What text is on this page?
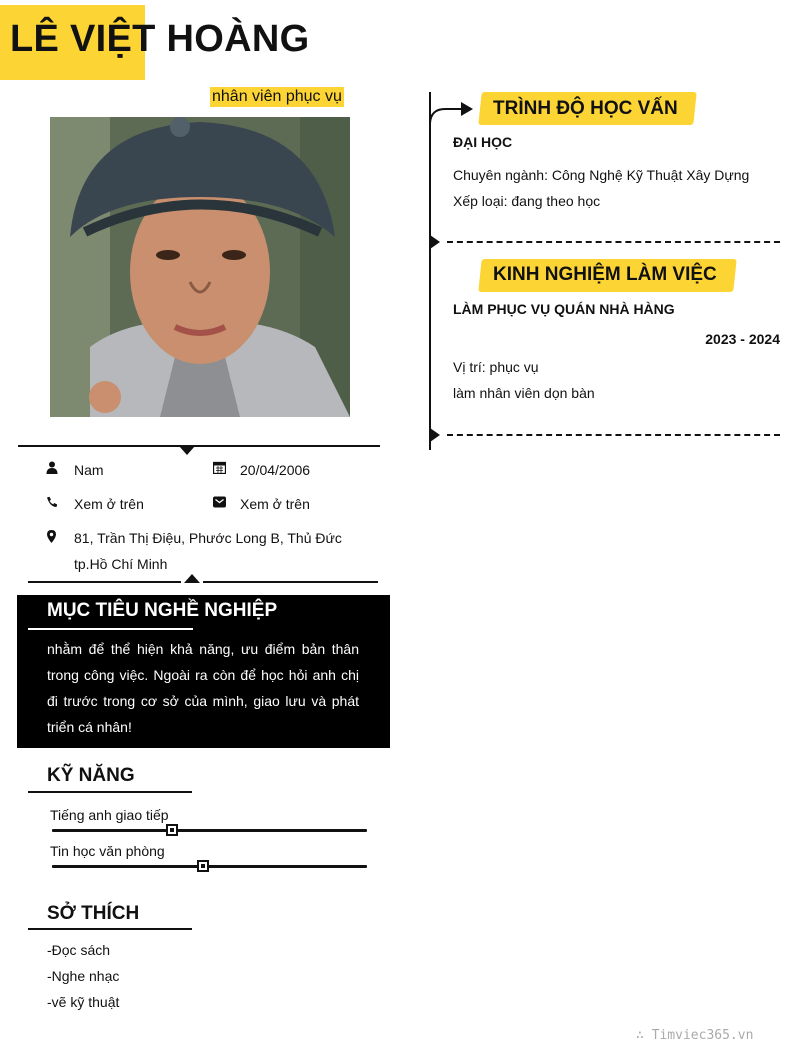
LÊ VIỆT HOÀNG
nhân viên phục vụ
Nam	20/04/2006
Xem ở trên	Xem ở trên
81, Trần Thị Điệu, Phước Long B, Thủ Đức
tp.Hồ Chí Minh
MỤC TIÊU NGHỀ NGHIỆP
nhằm để thể hiện khả năng, ưu điểm bản thân trong công việc. Ngoài ra còn để học hỏi anh chị đi trước trong cơ sở của mình, giao lưu và phát triển cá nhân!
KỸ NĂNG
Tiếng anh giao tiếp
Tin học văn phòng
SỞ THÍCH
-Đọc sách
-Nghe nhạc
-vẽ kỹ thuật
TRÌNH ĐỘ HỌC VẤN
ĐẠI HỌC
Chuyên ngành: Công Nghệ Kỹ Thuật Xây Dựng
Xếp loại: đang theo học
KINH NGHIỆM LÀM VIỆC
LÀM PHỤC VỤ QUÁN NHÀ HÀNG
2023 - 2024
Vị trí: phục vụ
làm nhân viên dọn bàn
∴ Timviec365.vn
